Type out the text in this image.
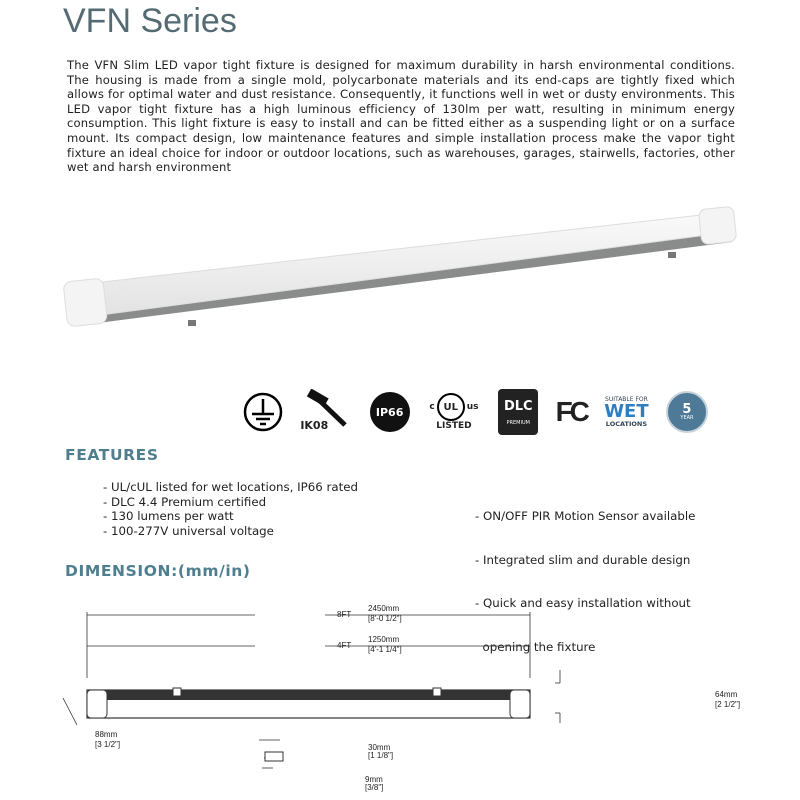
VFN Series
The VFN Slim LED vapor tight fixture is designed for maximum durability in harsh environmental conditions. The housing is made from a single mold, polycarbonate materials and its end-caps are tightly fixed which allows for optimal water and dust resistance. Consequently, it functions well in wet or dusty environments. This LED vapor tight fixture has a high luminous efficiency of 130lm per watt, resulting in minimum energy consumption. This light fixture is easy to install and can be fitted either as a suspending light or on a surface mount. Its compact design, low maintenance features and simple installation process make the vapor tight fixture an ideal choice for indoor or outdoor locations, such as warehouses, garages, stairwells, factories, other wet and harsh environment
IK08
IP66	c UL us
LISTED
DLC
PREMIUM FC	SUITABLE FOR
WET
LOCATIONS
5
YEAR
FEATURES
- UL/cUL listed for wet locations, IP66 rated
- DLC 4.4 Premium certified
- 130 lumens per watt
- 100-277V universal voltage

- ON/OFF PIR Motion Sensor available

- Integrated slim and durable design

- Quick and easy installation without

opening the fixture

DIMENSION:(mm/in)
8FT
2450mm
[8'-0 1/2"]
4FT
1250mm
[4'-1 1/4"]
64mm
[2 1/2"]
88mm
[3 1/2"]	30mm
[1 1/8"]
9mm
[3/8"]
